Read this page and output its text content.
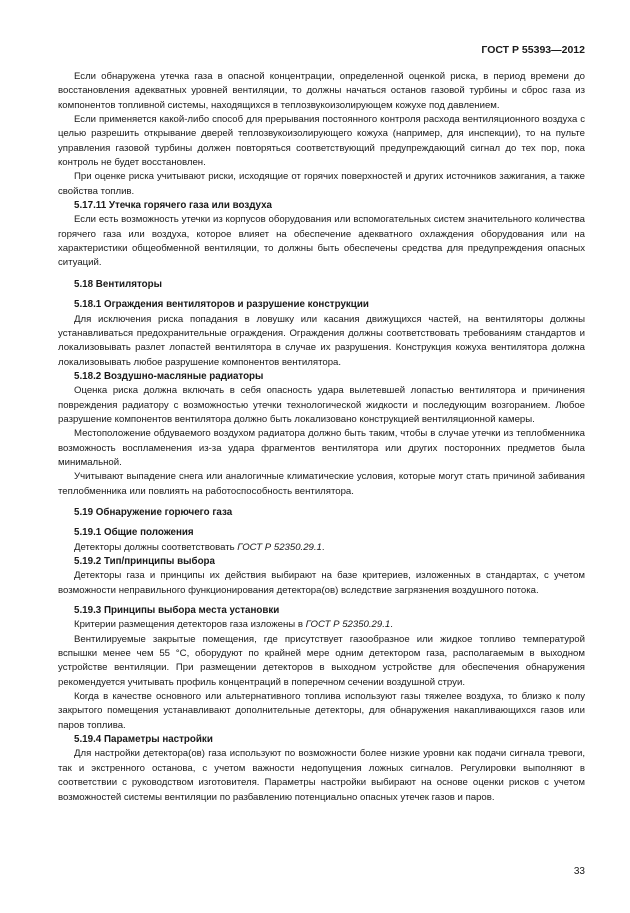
ГОСТ Р 55393—2012

Если обнаружена утечка газа в опасной концентрации, определенной оценкой риска, в период времени до восстановления адекватных уровней вентиляции, то должны начаться останов газовой турбины и сброс газа из компонентов топливной системы, находящихся в теплозвукоизолирующем кожухе под давлением.

Если применяется какой-либо способ для прерывания постоянного контроля расхода вентиляционного воздуха с целью разрешить открывание дверей теплозвукоизолирующего кожуха (например, для инспекции), то на пульте управления газовой турбины должен повторяться соответствующий предупреждающий сигнал до тех пор, пока контроль не будет восстановлен.

При оценке риска учитывают риски, исходящие от горячих поверхностей и других источников зажигания, а также свойства топлив.

5.17.11 Утечка горячего газа или воздуха

Если есть возможность утечки из корпусов оборудования или вспомогательных систем значительного количества горячего газа или воздуха, которое влияет на обеспечение адекватного охлаждения оборудования или на характеристики общеобменной вентиляции, то должны быть обеспечены средства для предупреждения опасных ситуаций.

5.18 Вентиляторы
5.18.1 Ограждения вентиляторов и разрушение конструкции

Для исключения риска попадания в ловушку или касания движущихся частей, на вентиляторы должны устанавливаться предохранительные ограждения. Ограждения должны соответствовать требованиям стандартов и локализовывать разлет лопастей вентилятора в случае их разрушения. Конструкция кожуха вентилятора должна локализовывать любое разрушение компонентов вентилятора.

5.18.2 Воздушно-масляные радиаторы

Оценка риска должна включать в себя опасность удара вылетевшей лопастью вентилятора и причинения повреждения радиатору с возможностью утечки технологической жидкости и последующим возгоранием. Любое разрушение компонентов вентилятора должно быть локализовано конструкцией вентиляционной камеры.

Местоположение обдуваемого воздухом радиатора должно быть таким, чтобы в случае утечки из теплобменника возможность воспламенения из-за удара фрагментов вентилятора или других посторонних предметов была минимальной.

Учитывают выпадение снега или аналогичные климатические условия, которые могут стать причиной забивания теплобменника или повлиять на работоспособность вентилятора.

5.19 Обнаружение горючего газа
5.19.1 Общие положения

Детекторы должны соответствовать ГОСТ Р 52350.29.1.

5.19.2 Тип/принципы выбора

Детекторы газа и принципы их действия выбирают на базе критериев, изложенных в стандартах, с учетом возможности неправильного функционирования детектора(ов) вследствие загрязнения воздушного потока.

5.19.3 Принципы выбора места установки

Критерии размещения детекторов газа изложены в ГОСТ Р 52350.29.1.

Вентилируемые закрытые помещения, где присутствует газообразное или жидкое топливо температурой вспышки менее чем 55 °С, оборудуют по крайней мере одним детектором газа, располагаемым в выходном устройстве вентиляции. При размещении детекторов в выходном устройстве для обеспечения обнаружения рекомендуется учитывать профиль концентраций в поперечном сечении воздушной струи.

Когда в качестве основного или альтернативного топлива используют газы тяжелее воздуха, то близко к полу закрытого помещения устанавливают дополнительные детекторы, для обнаружения накапливающихся газов или паров топлива.

5.19.4 Параметры настройки

Для настройки детектора(ов) газа используют по возможности более низкие уровни как подачи сигнала тревоги, так и экстренного останова, с учетом важности недопущения ложных сигналов. Регулировки выполняют в соответствии с руководством изготовителя. Параметры настройки выбирают на основе оценки рисков с учетом возможностей системы вентиляции по разбавлению потенциально опасных утечек газов и паров.

33
